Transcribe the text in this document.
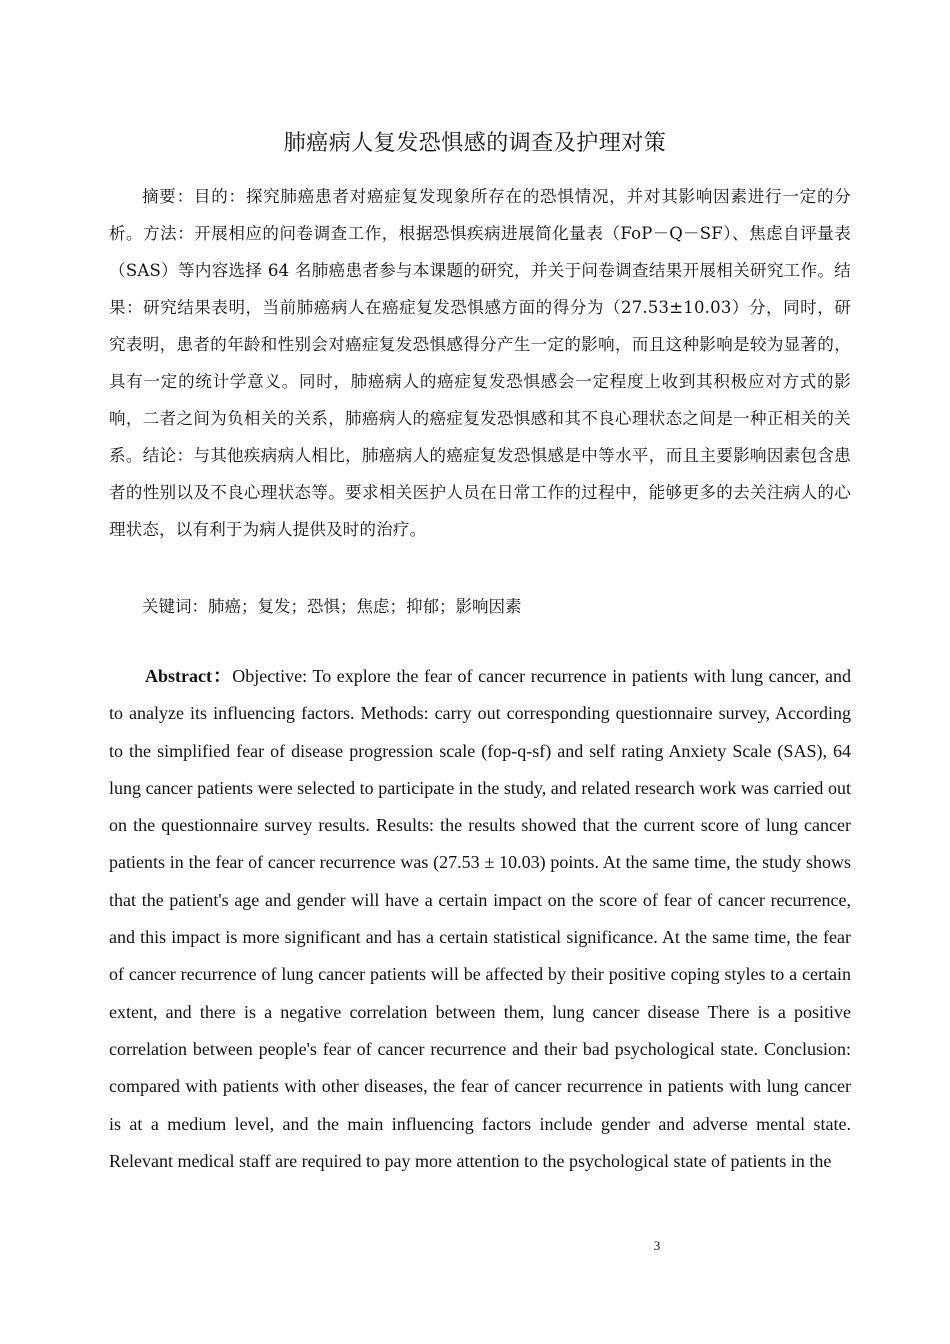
肺癌病人复发恐惧感的调查及护理对策

摘要：目的：探究肺癌患者对癌症复发现象所存在的恐惧情况，并对其影响因素进行一定的分析。方法：开展相应的问卷调查工作，根据恐惧疾病进展简化量表（FoP－Q－SF）、焦虑自评量表（SAS）等内容选择 64 名肺癌患者参与本课题的研究，并关于问卷调查结果开展相关研究工作。结果：研究结果表明，当前肺癌病人在癌症复发恐惧感方面的得分为（27.53±10.03）分，同时，研究表明，患者的年龄和性别会对癌症复发恐惧感得分产生一定的影响，而且这种影响是较为显著的，具有一定的统计学意义。同时，肺癌病人的癌症复发恐惧感会一定程度上收到其积极应对方式的影响，二者之间为负相关的关系，肺癌病人的癌症复发恐惧感和其不良心理状态之间是一种正相关的关系。结论：与其他疾病病人相比，肺癌病人的癌症复发恐惧感是中等水平，而且主要影响因素包含患者的性别以及不良心理状态等。要求相关医护人员在日常工作的过程中，能够更多的去关注病人的心理状态，以有利于为病人提供及时的治疗。

关键词：肺癌；复发；恐惧；焦虑；抑郁；影响因素

Abstract：Objective: To explore the fear of cancer recurrence in patients with lung cancer, and to analyze its influencing factors. Methods: carry out corresponding questionnaire survey, According to the simplified fear of disease progression scale (fop-q-sf) and self rating Anxiety Scale (SAS), 64 lung cancer patients were selected to participate in the study, and related research work was carried out on the questionnaire survey results. Results: the results showed that the current score of lung cancer patients in the fear of cancer recurrence was (27.53 ± 10.03) points. At the same time, the study shows that the patient's age and gender will have a certain impact on the score of fear of cancer recurrence, and this impact is more significant and has a certain statistical significance. At the same time, the fear of cancer recurrence of lung cancer patients will be affected by their positive coping styles to a certain extent, and there is a negative correlation between them, lung cancer disease There is a positive correlation between people's fear of cancer recurrence and their bad psychological state. Conclusion: compared with patients with other diseases, the fear of cancer recurrence in patients with lung cancer is at a medium level, and the main influencing factors include gender and adverse mental state. Relevant medical staff are required to pay more attention to the psychological state of patients in the

3
